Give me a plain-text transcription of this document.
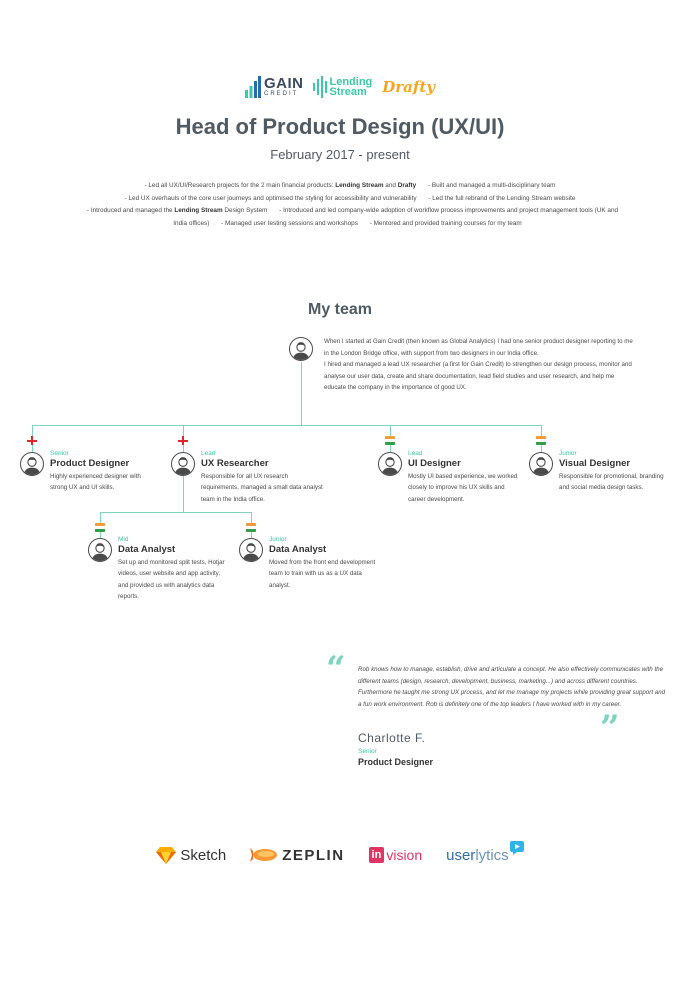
GAIN
CREDIT
Lending
Stream	Drafty
Head of Product Design (UX/UI)
February 2017 - present
- Led all UX/UI/Research projects for the 2 main financial products: Lending Stream and Drafty - Built and managed a multi-disciplinary team
- Led UX overhauls of the core user journeys and optimised the styling for accessibility and vulnerability - Led the full rebrand of the Lending Stream website
- Introduced and managed the Lending Stream Design System - Introduced and led company-wide adoption of workflow process improvements and project management tools (UK and India offices) - Managed user testing sessions and workshops - Mentored and provided training courses for my team
My team
When I started at Gain Credit (then known as Global Analytics) I had one senior product designer reporting to me in the London Bridge office, with support from two designers in our India office.
I hired and managed a lead UX researcher (a first for Gain Credit) to strengthen our design process, monitor and analyse our user data, create and share documentation, lead field studies and user research, and help me educate the company in the importance of good UX.
Senior
Product Designer
Highly experienced designer with strong UX and UI skills.
Lead
UX Researcher
Responsible for all UX research requirements, managed a small data analyst team in the India office.
Lead
UI Designer
Mostly UI based experience, we worked closely to improve his UX skills and career development.
Junior
Visual Designer
Responsible for promotional, branding and social media design tasks.
Mid
Data Analyst
Set up and monitored split tests, Hotjar videos, user website and app activity, and provided us with analytics data reports.
Junior
Data Analyst
Moved from the front end development team to train with us as a UX data analyst.
“ Rob knows how to manage, establish, drive and articulate a concept. He also effectively communicates with the different teams (design, research, development, business, marketing...) and across different countries. Furthermore he taught me strong UX process, and let me manage my projects while providing great support and a fun work environment. Rob is definitely one of the top leaders I have worked with in my career.
”
Charlotte F.
Senior
Product Designer
Sketch	ZEPLIN in vision user lytics
